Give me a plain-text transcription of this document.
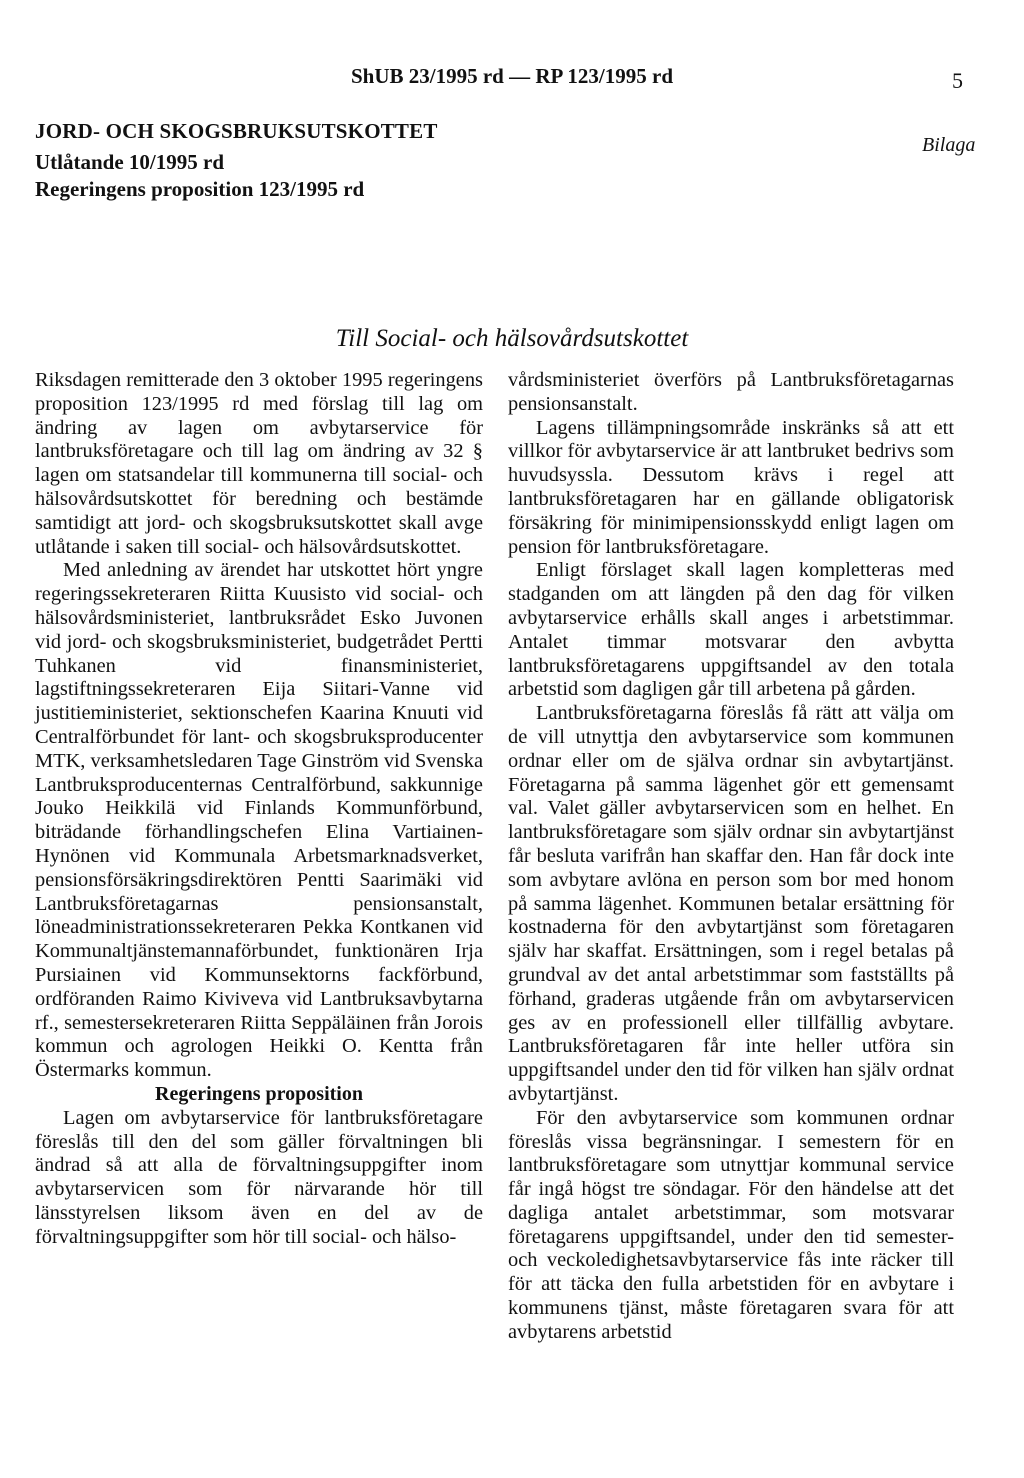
ShUB 23/1995 rd — RP 123/1995 rd	5
JORD- OCH SKOGSBRUKSUTSKOTTET
Utlåtande 10/1995 rd
Regeringens proposition 123/1995 rd
Bilaga
Till Social- och hälsovårdsutskottet

Riksdagen remitterade den 3 oktober 1995 regeringens proposition 123/1995 rd med förslag till lag om ändring av lagen om avbytarservice för lantbruksföretagare och till lag om ändring av 32 § lagen om statsandelar till kommunerna till social- och hälsovårdsutskottet för beredning och bestämde samtidigt att jord- och skogsbruksutskottet skall avge utlåtande i saken till social- och hälsovårdsutskottet.

Med anledning av ärendet har utskottet hört yngre regeringssekreteraren Riitta Kuusisto vid social- och hälsovårdsministeriet, lantbruksrådet Esko Juvonen vid jord- och skogsbruksministeriet, budgetrådet Pertti Tuhkanen vid finansministeriet, lagstiftningssekreteraren Eija Siitari-Vanne vid justitieministeriet, sektionschefen Kaarina Knuuti vid Centralförbundet för lant- och skogsbruksproducenter MTK, verksamhetsledaren Tage Ginström vid Svenska Lantbruksproducenternas Centralförbund, sakkunnige Jouko Heikkilä vid Finlands Kommunförbund, biträdande förhandlingschefen Elina Vartiainen-Hynönen vid Kommunala Arbetsmarknadsverket, pensionsförsäkringsdirektören Pentti Saarimäki vid Lantbruksföretagarnas pensionsanstalt, löneadministrationssekreteraren Pekka Kontkanen vid Kommunaltjänstemannaförbundet, funktionären Irja Pursiainen vid Kommunsektorns fackförbund, ordföranden Raimo Kiviveva vid Lantbruksavbytarna rf., semestersekreteraren Riitta Seppäläinen från Jorois kommun och agrologen Heikki O. Kentta från Östermarks kommun.

Regeringens proposition

Lagen om avbytarservice för lantbruksföretagare föreslås till den del som gäller förvaltningen bli ändrad så att alla de förvaltningsuppgifter inom avbytarservicen som för närvarande hör till länsstyrelsen liksom även en del av de förvaltningsuppgifter som hör till social- och hälso-

vårdsministeriet överförs på Lantbruksföretagarnas pensionsanstalt.

Lagens tillämpningsområde inskränks så att ett villkor för avbytarservice är att lantbruket bedrivs som huvudsyssla. Dessutom krävs i regel att lantbruksföretagaren har en gällande obligatorisk försäkring för minimipensionsskydd enligt lagen om pension för lantbruksföretagare.

Enligt förslaget skall lagen kompletteras med stadganden om att längden på den dag för vilken avbytarservice erhålls skall anges i arbetstimmar. Antalet timmar motsvarar den avbytta lantbruksföretagarens uppgiftsandel av den totala arbetstid som dagligen går till arbetena på gården.

Lantbruksföretagarna föreslås få rätt att välja om de vill utnyttja den avbytarservice som kommunen ordnar eller om de själva ordnar sin avbytartjänst. Företagarna på samma lägenhet gör ett gemensamt val. Valet gäller avbytarservicen som en helhet. En lantbruksföretagare som själv ordnar sin avbytartjänst får besluta varifrån han skaffar den. Han får dock inte som avbytare avlöna en person som bor med honom på samma lägenhet. Kommunen betalar ersättning för kostnaderna för den avbytartjänst som företagaren själv har skaffat. Ersättningen, som i regel betalas på grundval av det antal arbetstimmar som fastställts på förhand, graderas utgående från om avbytarservicen ges av en professionell eller tillfällig avbytare. Lantbruksföretagaren får inte heller utföra sin uppgiftsandel under den tid för vilken han själv ordnat avbytartjänst.

För den avbytarservice som kommunen ordnar föreslås vissa begränsningar. I semestern för en lantbruksföretagare som utnyttjar kommunal service får ingå högst tre söndagar. För den händelse att det dagliga antalet arbetstimmar, som motsvarar företagarens uppgiftsandel, under den tid semester- och veckoledighetsavbytarservice fås inte räcker till för att täcka den fulla arbetstiden för en avbytare i kommunens tjänst, måste företagaren svara för att avbytarens arbetstid
